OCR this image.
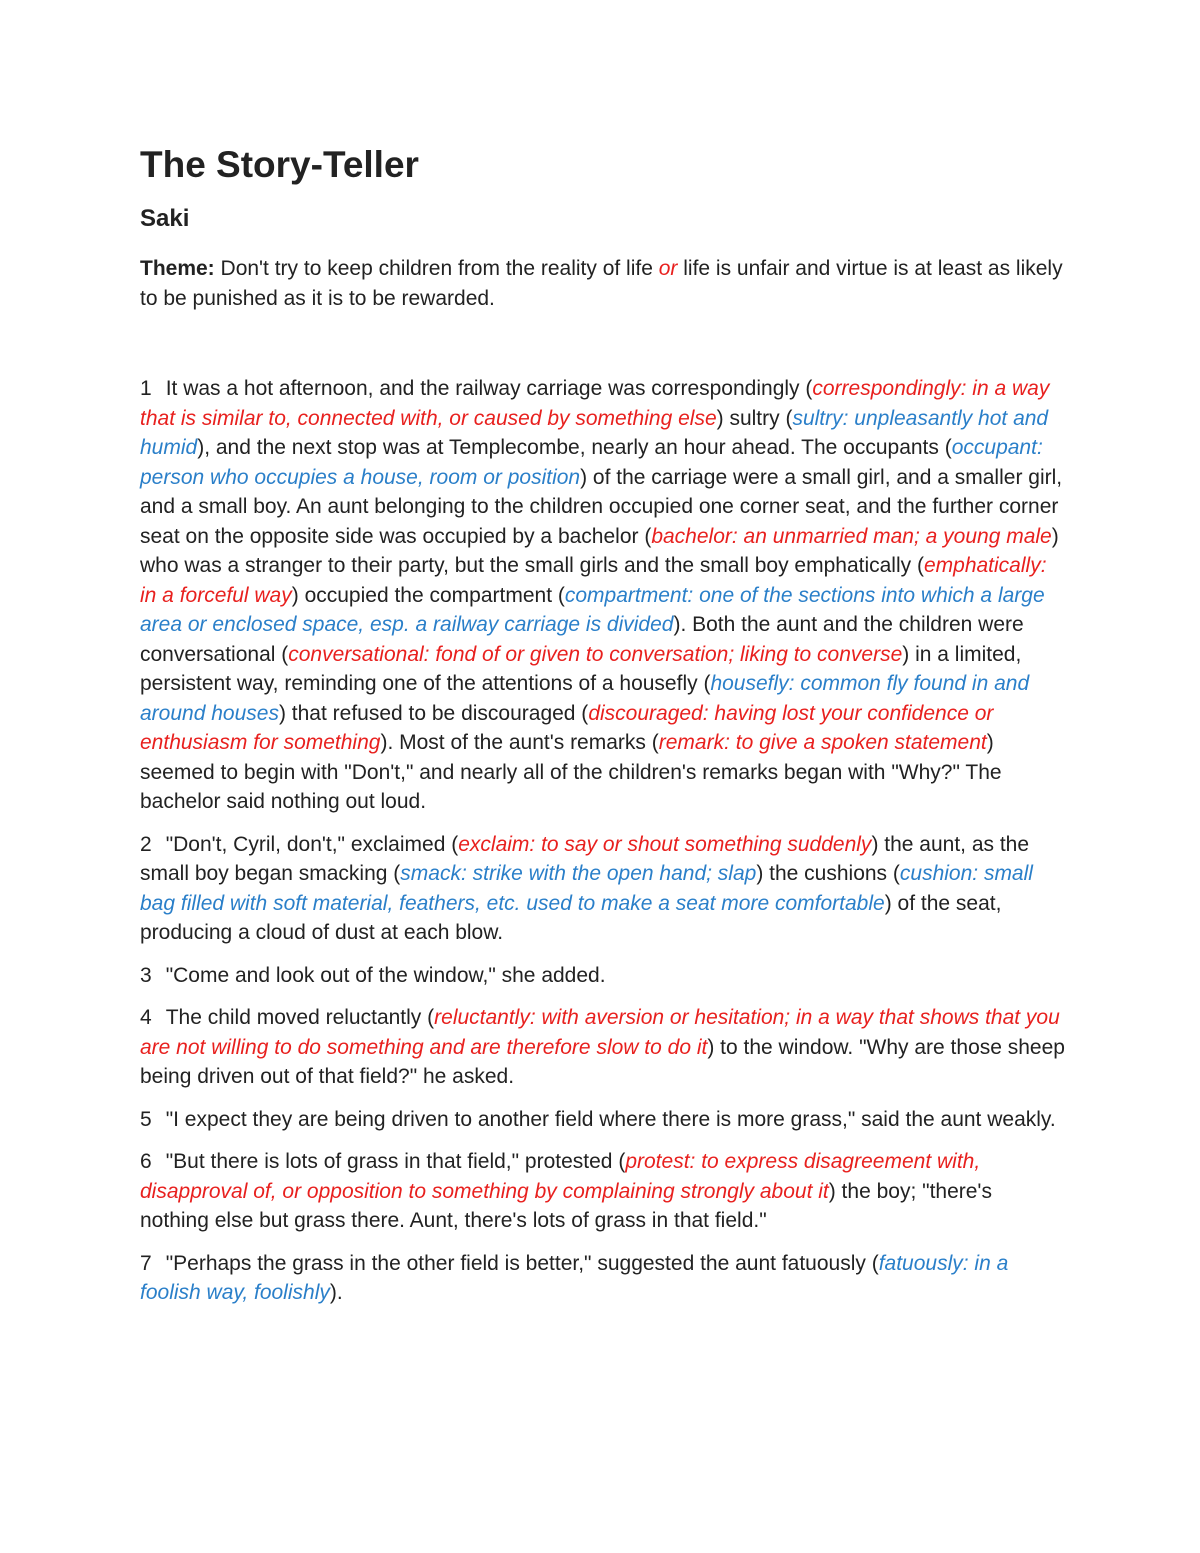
The Story-Teller
Saki

Theme: Don't try to keep children from the reality of life or life is unfair and virtue is at least as likely to be punished as it is to be rewarded.

1 It was a hot afternoon, and the railway carriage was correspondingly (correspondingly: in a way that is similar to, connected with, or caused by something else) sultry (sultry: unpleasantly hot and humid), and the next stop was at Templecombe, nearly an hour ahead. The occupants (occupant: person who occupies a house, room or position) of the carriage were a small girl, and a smaller girl, and a small boy. An aunt belonging to the children occupied one corner seat, and the further corner seat on the opposite side was occupied by a bachelor (bachelor: an unmarried man; a young male) who was a stranger to their party, but the small girls and the small boy emphatically (emphatically: in a forceful way) occupied the compartment (compartment: one of the sections into which a large area or enclosed space, esp. a railway carriage is divided). Both the aunt and the children were conversational (conversational: fond of or given to conversation; liking to converse) in a limited, persistent way, reminding one of the attentions of a housefly (housefly: common fly found in and around houses) that refused to be discouraged (discouraged: having lost your confidence or enthusiasm for something). Most of the aunt's remarks (remark: to give a spoken statement) seemed to begin with "Don't," and nearly all of the children's remarks began with "Why?" The bachelor said nothing out loud.

2 "Don't, Cyril, don't," exclaimed (exclaim: to say or shout something suddenly) the aunt, as the small boy began smacking (smack: strike with the open hand; slap) the cushions (cushion: small bag filled with soft material, feathers, etc. used to make a seat more comfortable) of the seat, producing a cloud of dust at each blow.

3 "Come and look out of the window," she added.

4 The child moved reluctantly (reluctantly: with aversion or hesitation; in a way that shows that you are not willing to do something and are therefore slow to do it) to the window. "Why are those sheep being driven out of that field?" he asked.

5 "I expect they are being driven to another field where there is more grass," said the aunt weakly.

6 "But there is lots of grass in that field," protested (protest: to express disagreement with, disapproval of, or opposition to something by complaining strongly about it) the boy; "there's nothing else but grass there. Aunt, there's lots of grass in that field."

7 "Perhaps the grass in the other field is better," suggested the aunt fatuously (fatuously: in a foolish way, foolishly).
